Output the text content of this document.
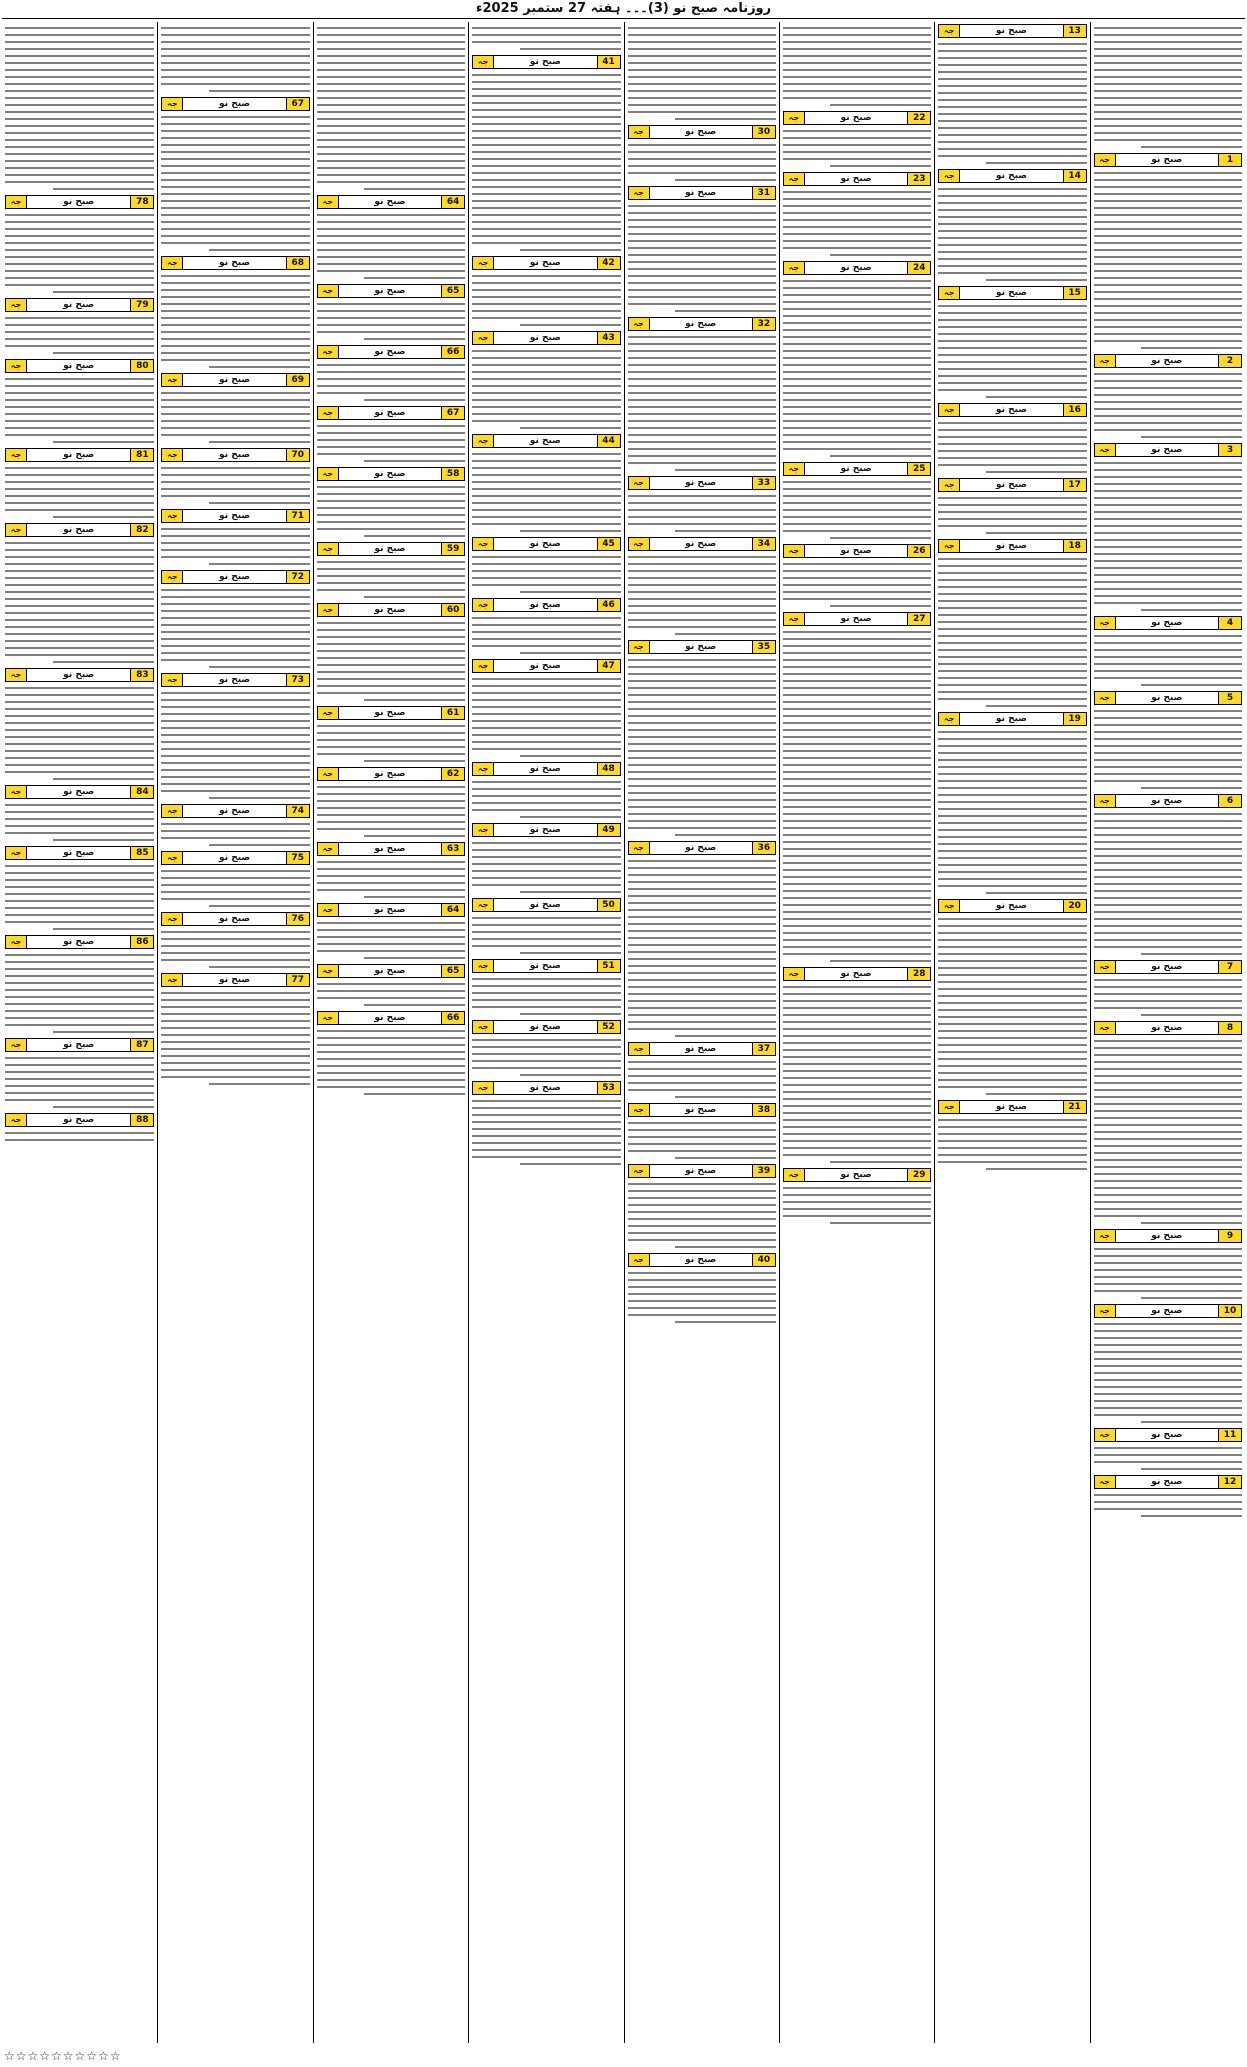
روزنامہ صبح نو (3)۔۔۔ ہفتہ 27 ستمبر 2025ء
1
صبح نو
جہ
2
صبح نو
جہ
3
صبح نو
جہ
4
صبح نو
جہ
5
صبح نو
جہ
6
صبح نو
جہ
7
صبح نو
جہ
8
صبح نو
جہ
9
صبح نو
جہ
10
صبح نو
جہ
11
صبح نو
جہ
12
صبح نو
جہ
13
صبح نو
جہ
14
صبح نو
جہ
15
صبح نو
جہ
16
صبح نو
جہ
17
صبح نو
جہ
18
صبح نو
جہ
19
صبح نو
جہ
20
صبح نو
جہ
21
صبح نو
جہ
22
صبح نو
جہ
23
صبح نو
جہ
24
صبح نو
جہ
25
صبح نو
جہ
26
صبح نو
جہ
27
صبح نو
جہ
28
صبح نو
جہ
29
صبح نو
جہ
30
صبح نو
جہ
31
صبح نو
جہ
32
صبح نو
جہ
33
صبح نو
جہ
34
صبح نو
جہ
35
صبح نو
جہ
36
صبح نو
جہ
37
صبح نو
جہ
38
صبح نو
جہ
39
صبح نو
جہ
40
صبح نو
جہ
41
صبح نو
جہ
42
صبح نو
جہ
43
صبح نو
جہ
44
صبح نو
جہ
45
صبح نو
جہ
46
صبح نو
جہ
47
صبح نو
جہ
48
صبح نو
جہ
49
صبح نو
جہ
50
صبح نو
جہ
51
صبح نو
جہ
52
صبح نو
جہ
53
صبح نو
جہ
64
صبح نو
جہ
65
صبح نو
جہ
66
صبح نو
جہ
67
صبح نو
جہ
58
صبح نو
جہ
59
صبح نو
جہ
60
صبح نو
جہ
61
صبح نو
جہ
62
صبح نو
جہ
63
صبح نو
جہ
64
صبح نو
جہ
65
صبح نو
جہ
66
صبح نو
جہ
67
صبح نو
جہ
68
صبح نو
جہ
69
صبح نو
جہ
70
صبح نو
جہ
71
صبح نو
جہ
72
صبح نو
جہ
73
صبح نو
جہ
74
صبح نو
جہ
75
صبح نو
جہ
76
صبح نو
جہ
77
صبح نو
جہ
78
صبح نو
جہ
79
صبح نو
جہ
80
صبح نو
جہ
81
صبح نو
جہ
82
صبح نو
جہ
83
صبح نو
جہ
84
صبح نو
جہ
85
صبح نو
جہ
86
صبح نو
جہ
87
صبح نو
جہ
88
صبح نو
جہ
☆☆☆☆☆☆☆☆☆☆
